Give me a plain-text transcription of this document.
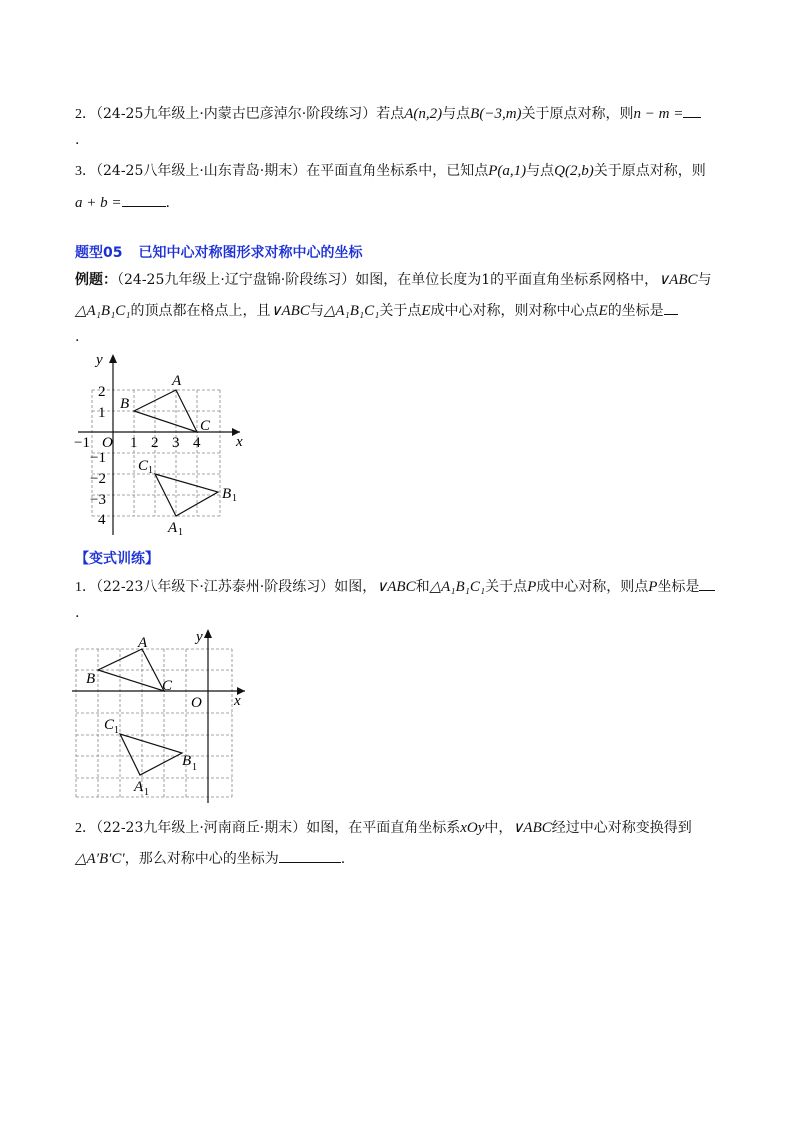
2．（24-25九年级上·内蒙古巴彦淖尔·阶段练习）若点A(n,2)与点B(−3,m)关于原点对称，则n − m =
.
3．（24-25八年级上·山东青岛·期末）在平面直角坐标系中，已知点P(a,1)与点Q(2,b)关于原点对称，则
a + b =	.
题型05 已知中心对称图形求对称中心的坐标
例题：（24-25九年级上·辽宁盘锦·阶段练习）如图，在单位长度为1的平面直角坐标系网格中，∨ABC与
△A₁B₁C₁的顶点都在格点上，且∨ABC与△A₁B₁C₁关于点E成中心对称，则对称中心点E的坐标是
.
y
x
O
−1	1 2 3 4
2
1
−1
−2
−3
4
A
B
C
C 1
B 1
A 1
【变式训练】
1．（22-23八年级下·江苏泰州·阶段练习）如图，∨ABC和△A₁B₁C₁关于点P成中心对称，则点P坐标是
.
y
x
O
A
B	C
C 1
B 1
A 1
2．（22-23九年级上·河南商丘·期末）如图，在平面直角坐标系xOy中，∨ABC经过中心对称变换得到
△A′B′C′，那么对称中心的坐标为	.
